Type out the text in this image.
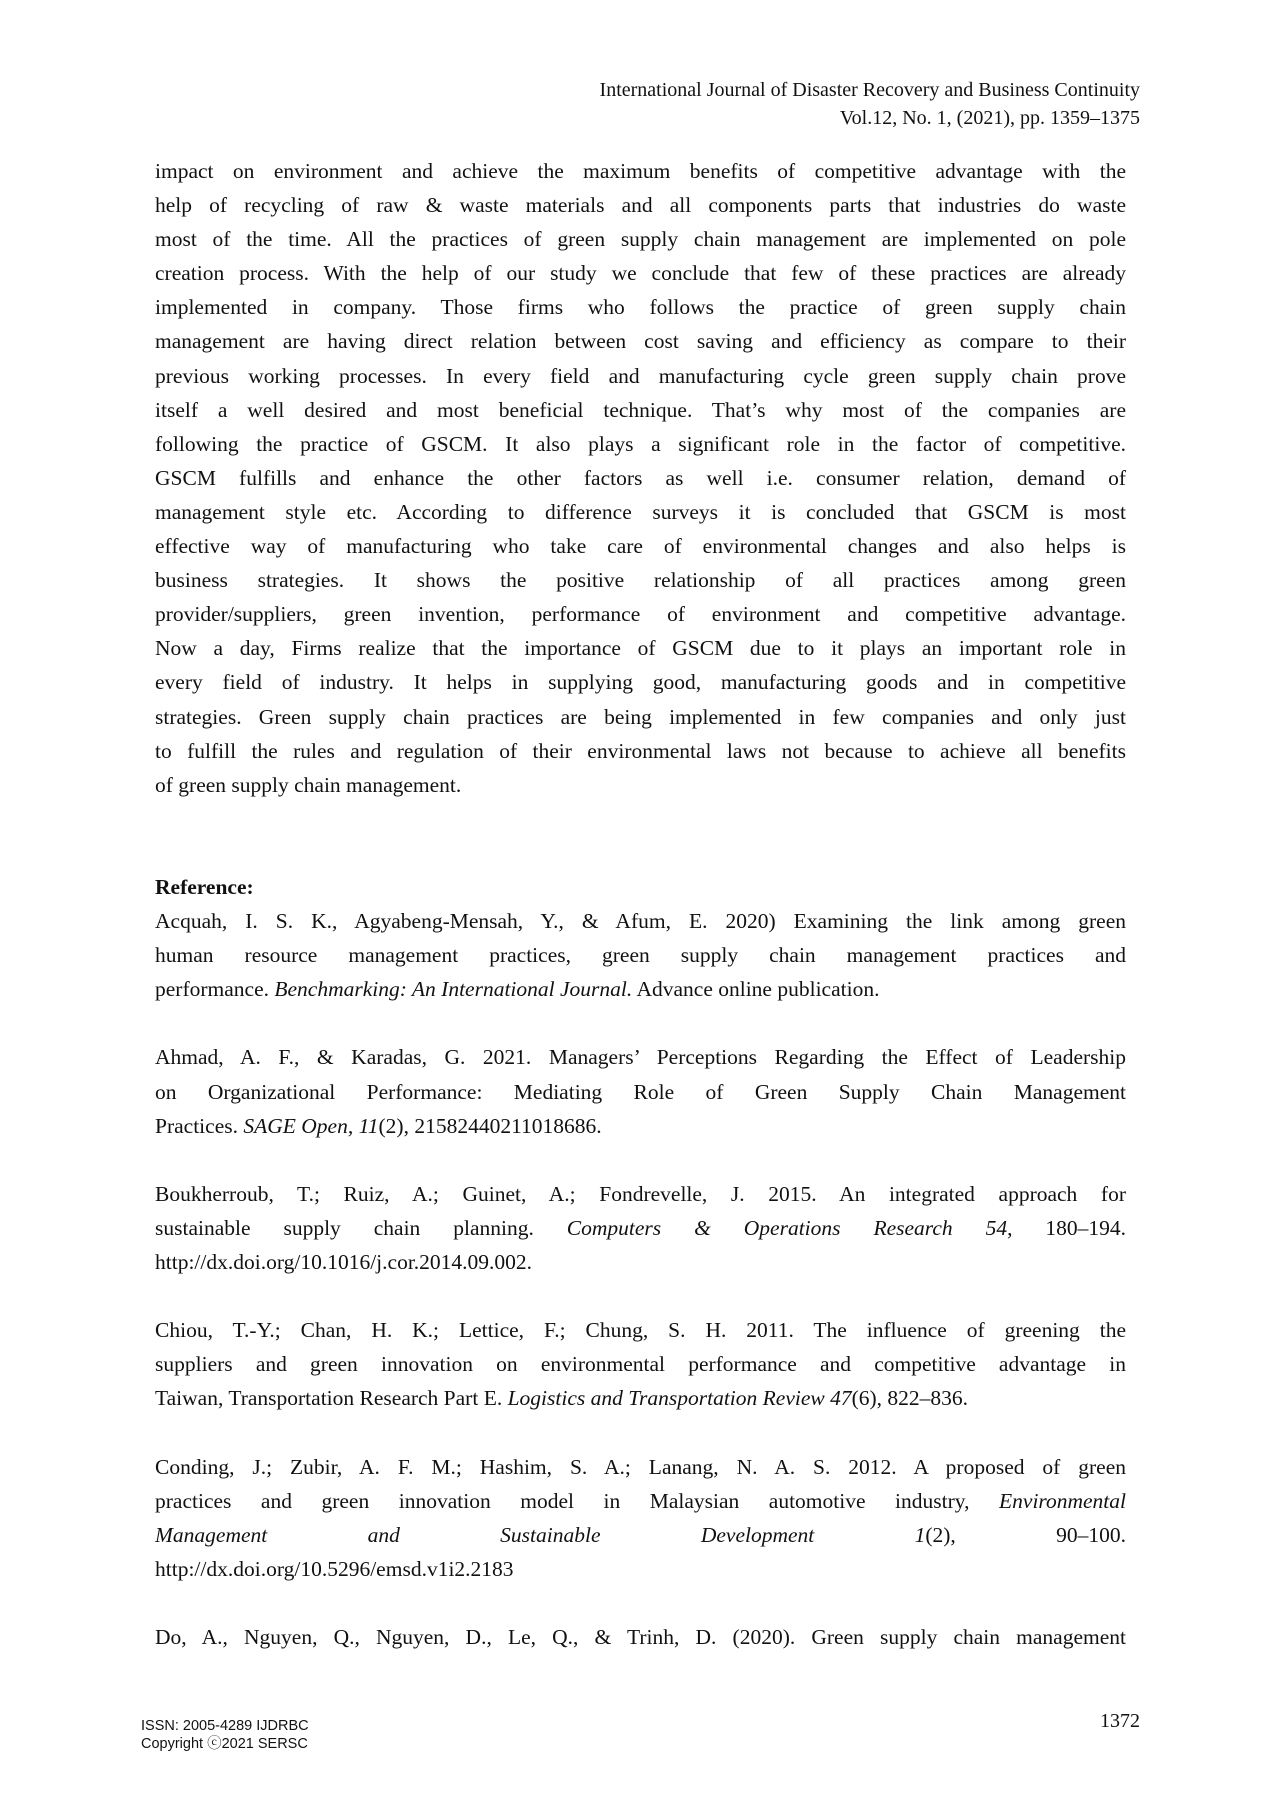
International Journal of Disaster Recovery and Business Continuity
Vol.12, No. 1, (2021), pp. 1359–1375
impact on environment and achieve the maximum benefits of competitive advantage with the
help of recycling of raw & waste materials and all components parts that industries do waste
most of the time. All the practices of green supply chain management are implemented on pole
creation process. With the help of our study we conclude that few of these practices are already
implemented in company. Those firms who follows the practice of green supply chain
management are having direct relation between cost saving and efficiency as compare to their
previous working processes. In every field and manufacturing cycle green supply chain prove
itself a well desired and most beneficial technique. That’s why most of the companies are
following the practice of GSCM. It also plays a significant role in the factor of competitive.
GSCM fulfills and enhance the other factors as well i.e. consumer relation, demand of
management style etc. According to difference surveys it is concluded that GSCM is most
effective way of manufacturing who take care of environmental changes and also helps is
business strategies. It shows the positive relationship of all practices among green
provider/suppliers, green invention, performance of environment and competitive advantage.
Now a day, Firms realize that the importance of GSCM due to it plays an important role in
every field of industry. It helps in supplying good, manufacturing goods and in competitive
strategies. Green supply chain practices are being implemented in few companies and only just
to fulfill the rules and regulation of their environmental laws not because to achieve all benefits
of green supply chain management.
Reference:
Acquah, I. S. K., Agyabeng-Mensah, Y., & Afum, E. 2020) Examining the link among green
human resource management practices, green supply chain management practices and
performance. Benchmarking: An International Journal. Advance online publication.
Ahmad, A. F., & Karadas, G. 2021. Managers’ Perceptions Regarding the Effect of Leadership
on Organizational Performance: Mediating Role of Green Supply Chain Management
Practices. SAGE Open, 11(2), 21582440211018686.
Boukherroub, T.; Ruiz, A.; Guinet, A.; Fondrevelle, J. 2015. An integrated approach for
sustainable supply chain planning. Computers & Operations Research 54, 180–194.
http://dx.doi.org/10.1016/j.cor.2014.09.002.
Chiou, T.-Y.; Chan, H. K.; Lettice, F.; Chung, S. H. 2011. The influence of greening the
suppliers and green innovation on environmental performance and competitive advantage in
Taiwan, Transportation Research Part E. Logistics and Transportation Review 47(6), 822–836.
Conding, J.; Zubir, A. F. M.; Hashim, S. A.; Lanang, N. A. S. 2012. A proposed of green
practices and green innovation model in Malaysian automotive industry, Environmental
Management and Sustainable Development 1(2), 90–100.
http://dx.doi.org/10.5296/emsd.v1i2.2183
Do, A., Nguyen, Q., Nguyen, D., Le, Q., & Trinh, D. (2020). Green supply chain management
ISSN: 2005-4289 IJDRBC
Copyright ⓒ2021 SERSC
1372
